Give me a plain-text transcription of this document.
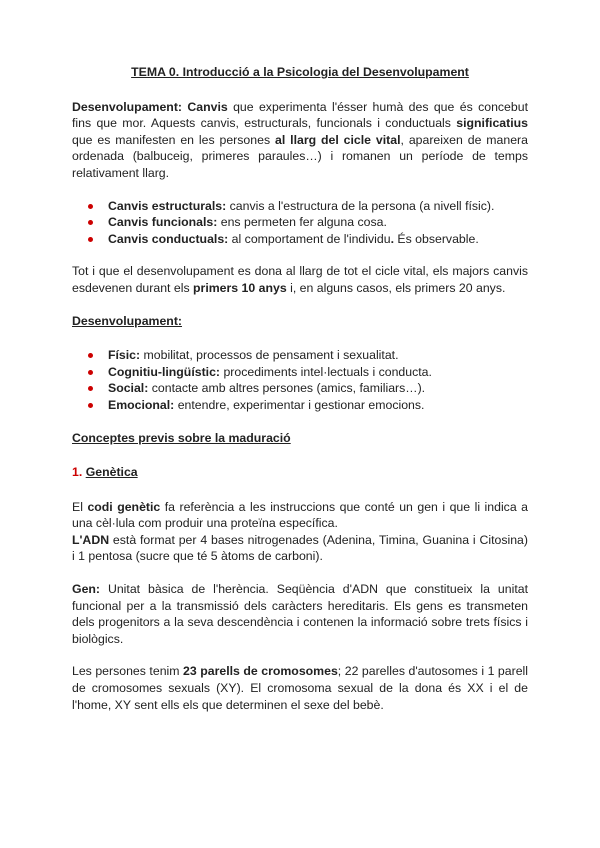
TEMA 0. Introducció a la Psicologia del Desenvolupament

Desenvolupament: Canvis que experimenta l'ésser humà des que és concebut fins que mor. Aquests canvis, estructurals, funcionals i conductuals significatius que es manifesten en les persones al llarg del cicle vital, apareixen de manera ordenada (balbuceig, primeres paraules…) i romanen un període de temps relativament llarg.

Canvis estructurals: canvis a l'estructura de la persona (a nivell físic).
Canvis funcionals: ens permeten fer alguna cosa.
Canvis conductuals: al comportament de l'individu. És observable.

Tot i que el desenvolupament es dona al llarg de tot el cicle vital, els majors canvis esdevenen durant els primers 10 anys i, en alguns casos, els primers 20 anys.

Desenvolupament:
Físic: mobilitat, processos de pensament i sexualitat.
Cognitiu-lingüístic: procediments intel·lectuals i conducta.
Social: contacte amb altres persones (amics, familiars…).
Emocional: entendre, experimentar i gestionar emocions.
Conceptes previs sobre la maduració
1. Genètica

El codi genètic fa referència a les instruccions que conté un gen i que li indica a una cèl·lula com produir una proteïna específica.

L'ADN està format per 4 bases nitrogenades (Adenina, Timina, Guanina i Citosina) i 1 pentosa (sucre que té 5 àtoms de carboni).

Gen: Unitat bàsica de l'herència. Seqüència d'ADN que constitueix la unitat funcional per a la transmissió dels caràcters hereditaris. Els gens es transmeten dels progenitors a la seva descendència i contenen la informació sobre trets físics i biològics.

Les persones tenim 23 parells de cromosomes; 22 parelles d'autosomes i 1 parell de cromosomes sexuals (XY). El cromosoma sexual de la dona és XX i el de l'home, XY sent ells els que determinen el sexe del bebè.
